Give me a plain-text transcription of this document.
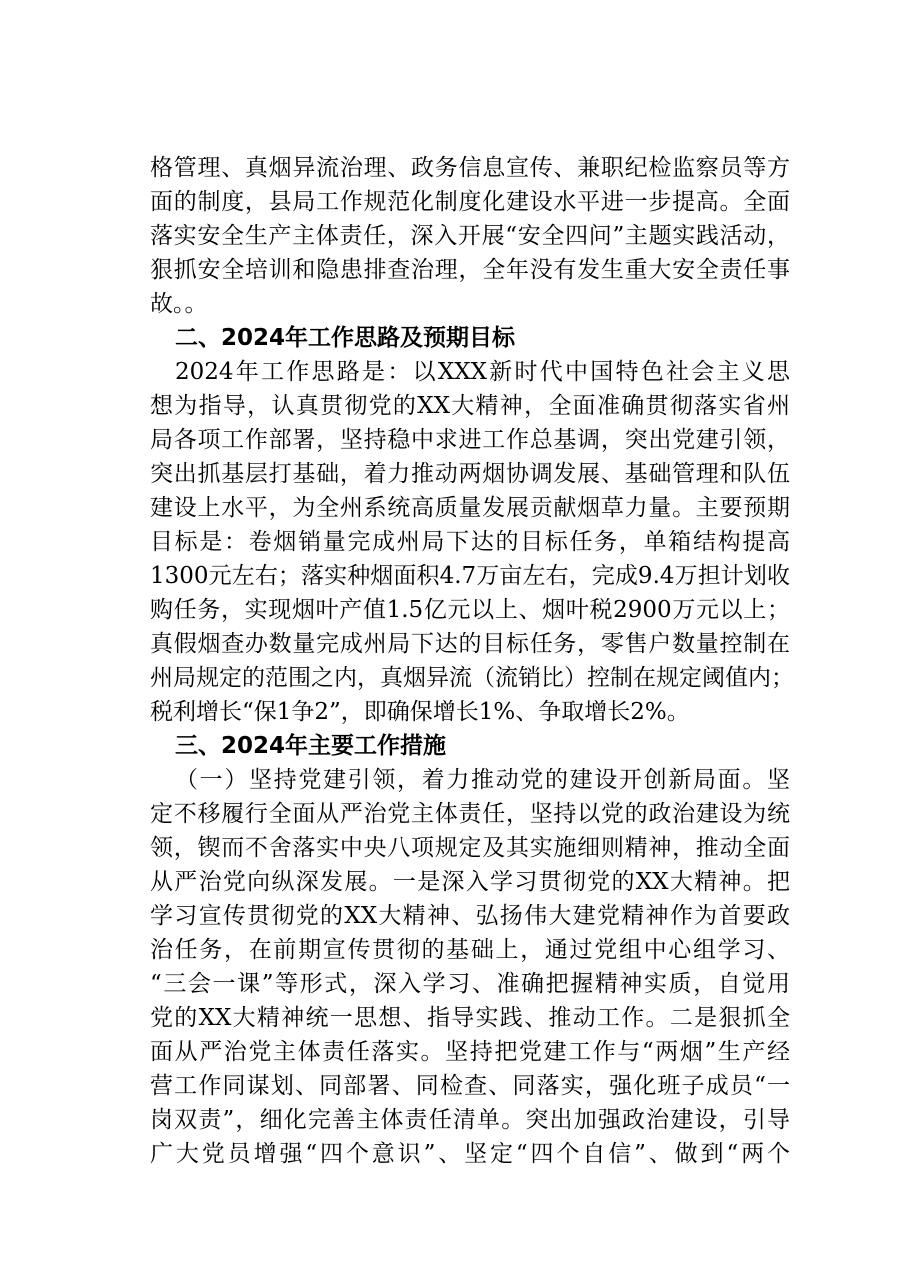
格管理、真烟异流治理、政务信息宣传、兼职纪检监察员等方
面的制度，县局工作规范化制度化建设水平进一步提高。全面
落实安全生产主体责任，深入开展“安全四问”主题实践活动，
狠抓安全培训和隐患排查治理，全年没有发生重大安全责任事
故。。
二、2024年工作思路及预期目标
2024年工作思路是：以XXX新时代中国特色社会主义思
想为指导，认真贯彻党的XX大精神，全面准确贯彻落实省州
局各项工作部署，坚持稳中求进工作总基调，突出党建引领，
突出抓基层打基础，着力推动两烟协调发展、基础管理和队伍
建设上水平，为全州系统高质量发展贡献烟草力量。主要预期
目标是：卷烟销量完成州局下达的目标任务，单箱结构提高
1300元左右；落实种烟面积4.7万亩左右，完成9.4万担计划收
购任务，实现烟叶产值1.5亿元以上、烟叶税2900万元以上；
真假烟查办数量完成州局下达的目标任务，零售户数量控制在
州局规定的范围之内，真烟异流（流销比）控制在规定阈值内；
税利增长“保1争2”，即确保增长1%、争取增长2%。
三、2024年主要工作措施
（一）坚持党建引领，着力推动党的建设开创新局面。坚
定不移履行全面从严治党主体责任，坚持以党的政治建设为统
领，锲而不舍落实中央八项规定及其实施细则精神，推动全面
从严治党向纵深发展。一是深入学习贯彻党的XX大精神。把
学习宣传贯彻党的XX大精神、弘扬伟大建党精神作为首要政
治任务，在前期宣传贯彻的基础上，通过党组中心组学习、
“三会一课”等形式，深入学习、准确把握精神实质，自觉用
党的XX大精神统一思想、指导实践、推动工作。二是狠抓全
面从严治党主体责任落实。坚持把党建工作与“两烟”生产经
营工作同谋划、同部署、同检查、同落实，强化班子成员“一
岗双责”，细化完善主体责任清单。突出加强政治建设，引导
广大党员增强“四个意识”、坚定“四个自信”、做到“两个
